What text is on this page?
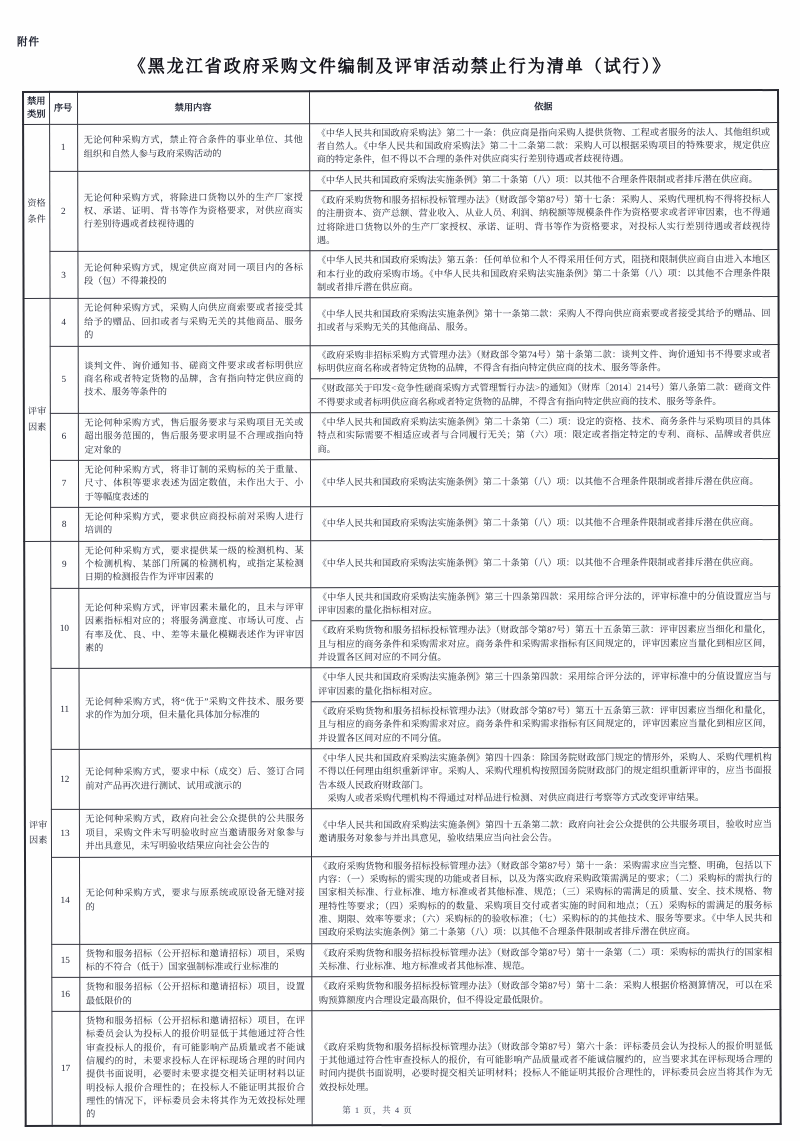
附件
《黑龙江省政府采购文件编制及评审活动禁止行为清单（试行）》
禁用类别	序号	禁用内容	依据
资格条件	1	无论何种采购方式，禁止符合条件的事业单位、其他组织和自然人参与政府采购活动的	《中华人民共和国政府采购法》第二十一条：供应商是指向采购人提供货物、工程或者服务的法人、其他组织或者自然人。《中华人民共和国政府采购法》第二十二条第二款：采购人可以根据采购项目的特殊要求，规定供应商的特定条件，但不得以不合理的条件对供应商实行差别待遇或者歧视待遇。

	2	无论何种采购方式，将除进口货物以外的生产厂家授权、承诺、证明、背书等作为资格要求，对供应商实行差别待遇或者歧视待遇的	《中华人民共和国政府采购法实施条例》第二十条第（八）项：以其他不合理条件限制或者排斥潜在供应商。
《政府采购货物和服务招标投标管理办法》（财政部令第87号）第十七条：采购人、采购代理机构不得将投标人的注册资本、资产总额、营业收入、从业人员、利润、纳税额等规模条件作为资格要求或者评审因素，也不得通过将除进口货物以外的生产厂家授权、承诺、证明、背书等作为资格要求，对投标人实行差别待遇或者歧视待遇。

	3	无论何种采购方式，规定供应商对同一项目内的各标段（包）不得兼投的	《中华人民共和国政府采购法》第五条：任何单位和个人不得采用任何方式，阻挠和限制供应商自由进入本地区和本行业的政府采购市场。《中华人民共和国政府采购法实施条例》第二十条第（八）项：以其他不合理条件限制或者排斥潜在供应商。

评审因素	4	无论何种采购方式，采购人向供应商索要或者接受其给予的赠品、回扣或者与采购无关的其他商品、服务的	《中华人民共和国政府采购法实施条例》第十一条第二款：采购人不得向供应商索要或者接受其给予的赠品、回扣或者与采购无关的其他商品、服务。

	5	谈判文件、询价通知书、磋商文件要求或者标明供应商名称或者特定货物的品牌，含有指向特定供应商的技术、服务等条件的	《政府采购非招标采购方式管理办法》（财政部令第74号）第十条第二款：谈判文件、询价通知书不得要求或者标明供应商名称或者特定货物的品牌，不得含有指向特定供应商的技术、服务等条件。
《财政部关于印发<竞争性磋商采购方式管理暂行办法>的通知》（财库〔2014〕214号）第八条第二款：磋商文件不得要求或者标明供应商名称或者特定货物的品牌，不得含有指向特定供应商的技术、服务等条件。

	6	无论何种采购方式，售后服务要求与采购项目无关或超出服务范围的，售后服务要求明显不合理或指向特定对象的	《中华人民共和国政府采购法实施条例》第二十条第（二）项：设定的资格、技术、商务条件与采购项目的具体特点和实际需要不相适应或者与合同履行无关；第（六）项：限定或者指定特定的专利、商标、品牌或者供应商。

	7	无论何种采购方式，将非订制的采购标的关于重量、尺寸、体积等要求表述为固定数值，未作出大于、小于等幅度表述的	《中华人民共和国政府采购法实施条例》第二十条第（八）项：以其他不合理条件限制或者排斥潜在供应商。

	8	无论何种采购方式，要求供应商投标前对采购人进行培训的	《中华人民共和国政府采购法实施条例》第二十条第（八）项：以其他不合理条件限制或者排斥潜在供应商。

评审因素	9	无论何种采购方式，要求提供某一级的检测机构、某个检测机构、某部门所属的检测机构，或指定某检测日期的检测报告作为评审因素的	《中华人民共和国政府采购法实施条例》第二十条第（八）项：以其他不合理条件限制或者排斥潜在供应商。

	10	无论何种采购方式，评审因素未量化的，且未与评审因素指标相对应的；将服务满意度、市场认可度、占有率及优、良、中、差等未量化模糊表述作为评审因素的	《中华人民共和国政府采购法实施条例》第三十四条第四款：采用综合评分法的，评审标准中的分值设置应当与评审因素的量化指标相对应。
《政府采购货物和服务招标投标管理办法》（财政部令第87号）第五十五条第三款：评审因素应当细化和量化，且与相应的商务条件和采购需求对应。商务条件和采购需求指标有区间规定的，评审因素应当量化到相应区间，并设置各区间对应的不同分值。

	11	无论何种采购方式，将“优于”采购文件技术、服务要求的作为加分项，但未量化具体加分标准的	《中华人民共和国政府采购法实施条例》第三十四条第四款：采用综合评分法的，评审标准中的分值设置应当与评审因素的量化指标相对应。
《政府采购货物和服务招标投标管理办法》（财政部令第87号）第五十五条第三款：评审因素应当细化和量化，且与相应的商务条件和采购需求对应。商务条件和采购需求指标有区间规定的，评审因素应当量化到相应区间，并设置各区间对应的不同分值。

	12	无论何种采购方式，要求中标（成交）后、签订合同前对产品再次进行测试、试用或演示的	《中华人民共和国政府采购法实施条例》第四十四条：除国务院财政部门规定的情形外，采购人、采购代理机构不得以任何理由组织重新评审。采购人、采购代理机构按照国务院财政部门的规定组织重新评审的，应当书面报告本级人民政府财政部门。
　采购人或者采购代理机构不得通过对样品进行检测、对供应商进行考察等方式改变评审结果。

	13	无论何种采购方式，政府向社会公众提供的公共服务项目，采购文件未写明验收时应当邀请服务对象参与并出具意见，未写明验收结果应向社会公告的	《中华人民共和国政府采购法实施条例》第四十五条第二款：政府向社会公众提供的公共服务项目，验收时应当邀请服务对象参与并出具意见，验收结果应当向社会公告。

	14	无论何种采购方式，要求与原系统或原设备无缝对接的	《政府采购货物和服务招标投标管理办法》（财政部令第87号）第十一条：采购需求应当完整、明确，包括以下内容：（一）采购标的需实现的功能或者目标，以及为落实政府采购政策需满足的要求；（二）采购标的需执行的国家相关标准、行业标准、地方标准或者其他标准、规范；（三）采购标的需满足的质量、安全、技术规格、物理特性等要求；（四）采购标的的数量、采购项目交付或者实施的时间和地点；（五）采购标的需满足的服务标准、期限、效率等要求；（六）采购标的的验收标准；（七）采购标的的其他技术、服务等要求。《中华人民共和国政府采购法实施条例》第二十条第（八）项：以其他不合理条件限制或者排斥潜在供应商。

	15	货物和服务招标（公开招标和邀请招标）项目，采购标的不符合（低于）国家强制标准或行业标准的	《政府采购货物和服务招标投标管理办法》（财政部令第87号）第十一条第（二）项：采购标的需执行的国家相关标准、行业标准、地方标准或者其他标准、规范。

	16	货物和服务招标（公开招标和邀请招标）项目，设置最低限价的	《政府采购货物和服务招标投标管理办法》（财政部令第87号）第十二条：采购人根据价格测算情况，可以在采购预算额度内合理设定最高限价，但不得设定最低限价。

	17	货物和服务招标（公开招标和邀请招标）项目，在评标委员会认为投标人的报价明显低于其他通过符合性审查投标人的报价，有可能影响产品质量或者不能诚信履约的时，未要求投标人在评标现场合理的时间内提供书面说明，必要时未要求提交相关证明材料以证明投标人报价合理性的；在投标人不能证明其报价合理性的情况下，评标委员会未将其作为无效投标处理的	《政府采购货物和服务招标投标管理办法》（财政部令第87号）第六十条：评标委员会认为投标人的报价明显低于其他通过符合性审查投标人的报价，有可能影响产品质量或者不能诚信履约的，应当要求其在评标现场合理的时间内提供书面说明，必要时提交相关证明材料；投标人不能证明其报价合理性的，评标委员会应当将其作为无效投标处理。
第 1 页，共 4 页
